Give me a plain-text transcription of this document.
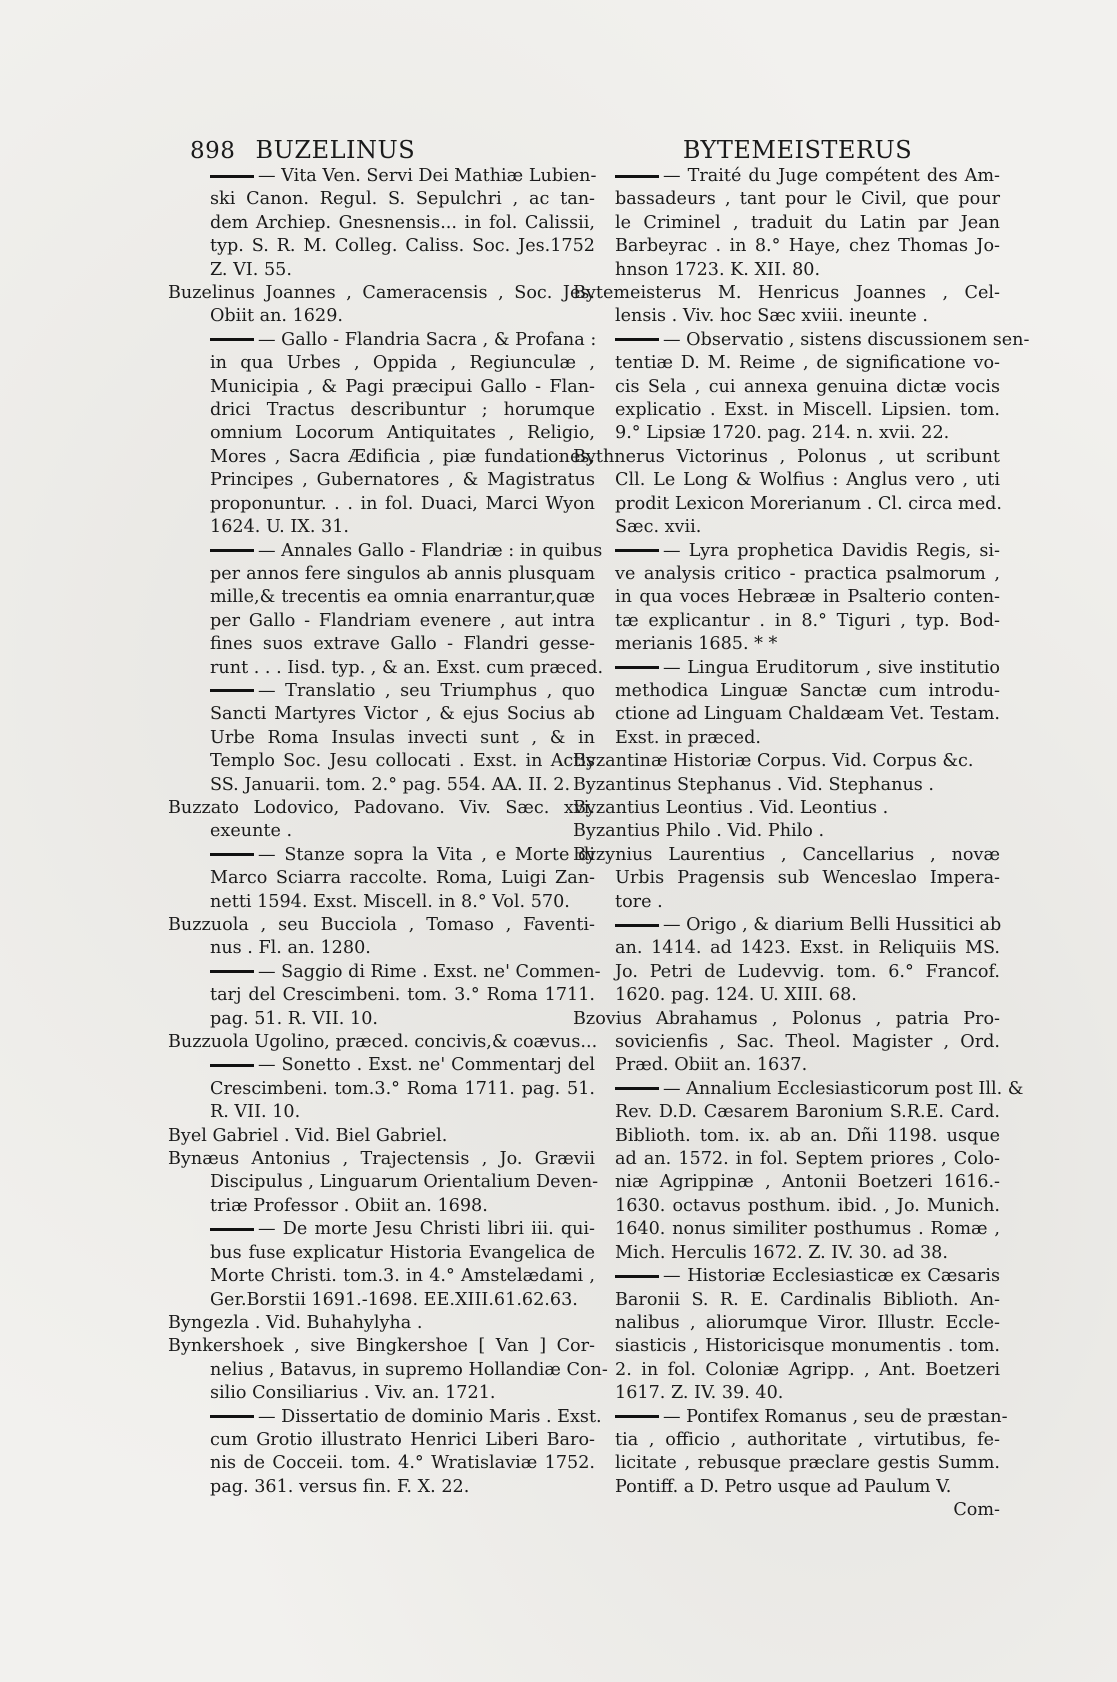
898 BUZELINUS
— Vita Ven. Servi Dei Mathiæ Lubien-
ski Canon. Regul. S. Sepulchri , ac tan-
dem Archiep. Gnesnensis... in fol. Calissii,
typ. S. R. M. Colleg. Caliss. Soc. Jes.1752
Z. VI. 55.
Buzelinus Joannes , Cameracensis , Soc. Jes.
Obiit an. 1629.
— Gallo - Flandria Sacra , & Profana :
in qua Urbes , Oppida , Regiunculæ ,
Municipia , & Pagi præcipui Gallo - Flan-
drici Tractus describuntur ; horumque
omnium Locorum Antiquitates , Religio,
Mores , Sacra Ædificia , piæ fundationes,
Principes , Gubernatores , & Magistratus
proponuntur. . . in fol. Duaci, Marci Wyon
1624. U. IX. 31.
— Annales Gallo - Flandriæ : in quibus
per annos fere singulos ab annis plusquam
mille,& trecentis ea omnia enarrantur,quæ
per Gallo - Flandriam evenere , aut intra
fines suos extrave Gallo - Flandri gesse-
runt . . . Iisd. typ. , & an. Exst. cum præced.
— Translatio , seu Triumphus , quo
Sancti Martyres Victor , & ejus Socius ab
Urbe Roma Insulas invecti sunt , & in
Templo Soc. Jesu collocati . Exst. in Actis
SS. Januarii. tom. 2.° pag. 554. AA. II. 2.
Buzzato Lodovico, Padovano. Viv. Sæc. xvi.
exeunte .
— Stanze sopra la Vita , e Morte di
Marco Sciarra raccolte. Roma, Luigi Zan-
netti 1594. Exst. Miscell. in 8.° Vol. 570.
Buzzuola , seu Bucciola , Tomaso , Faventi-
nus . Fl. an. 1280.
— Saggio di Rime . Exst. ne' Commen-
tarj del Crescimbeni. tom. 3.° Roma 1711.
pag. 51. R. VII. 10.
Buzzuola Ugolino, præced. concivis,& coævus...
— Sonetto . Exst. ne' Commentarj del
Crescimbeni. tom.3.° Roma 1711. pag. 51.
R. VII. 10.
Byel Gabriel . Vid. Biel Gabriel.
Bynæus Antonius , Trajectensis , Jo. Grævii
Discipulus , Linguarum Orientalium Deven-
triæ Professor . Obiit an. 1698.
— De morte Jesu Christi libri iii. qui-
bus fuse explicatur Historia Evangelica de
Morte Christi. tom.3. in 4.° Amstelædami ,
Ger.Borstii 1691.-1698. EE.XIII.61.62.63.
Byngezla . Vid. Buhahylyha .
Bynkershoek , sive Bingkershoe [ Van ] Cor-
nelius , Batavus, in supremo Hollandiæ Con-
silio Consiliarius . Viv. an. 1721.
— Dissertatio de dominio Maris . Exst.
cum Grotio illustrato Henrici Liberi Baro-
nis de Cocceii. tom. 4.° Wratislaviæ 1752.
pag. 361. versus fin. F. X. 22.
BYTEMEISTERUS
— Traité du Juge compétent des Am-
bassadeurs , tant pour le Civil, que pour
le Criminel , traduit du Latin par Jean
Barbeyrac . in 8.° Haye, chez Thomas Jo-
hnson 1723. K. XII. 80.
Bytemeisterus M. Henricus Joannes , Cel-
lensis . Viv. hoc Sæc xviii. ineunte .
— Observatio , sistens discussionem sen-
tentiæ D. M. Reime , de significatione vo-
cis Sela , cui annexa genuina dictæ vocis
explicatio . Exst. in Miscell. Lipsien. tom.
9.° Lipsiæ 1720. pag. 214. n. xvii. 22.
Bythnerus Victorinus , Polonus , ut scribunt
Cll. Le Long & Wolfius : Anglus vero , uti
prodit Lexicon Morerianum . Cl. circa med.
Sæc. xvii.
— Lyra prophetica Davidis Regis, si-
ve analysis critico - practica psalmorum ,
in qua voces Hebrææ in Psalterio conten-
tæ explicantur . in 8.° Tiguri , typ. Bod-
merianis 1685. * *
— Lingua Eruditorum , sive institutio
methodica Linguæ Sanctæ cum introdu-
ctione ad Linguam Chaldæam Vet. Testam.
Exst. in præced.
Byzantinæ Historiæ Corpus. Vid. Corpus &c.
Byzantinus Stephanus . Vid. Stephanus .
Byzantius Leontius . Vid. Leontius .
Byzantius Philo . Vid. Philo .
Byzynius Laurentius , Cancellarius , novæ
Urbis Pragensis sub Wenceslao Impera-
tore .
— Origo , & diarium Belli Hussitici ab
an. 1414. ad 1423. Exst. in Reliquiis MS.
Jo. Petri de Ludevvig. tom. 6.° Francof.
1620. pag. 124. U. XIII. 68.
Bzovius Abrahamus , Polonus , patria Pro-
sovicienfis , Sac. Theol. Magister , Ord.
Præd. Obiit an. 1637.
— Annalium Ecclesiasticorum post Ill. &
Rev. D.D. Cæsarem Baronium S.R.E. Card.
Biblioth. tom. ix. ab an. Dñi 1198. usque
ad an. 1572. in fol. Septem priores , Colo-
niæ Agrippinæ , Antonii Boetzeri 1616.-
1630. octavus posthum. ibid. , Jo. Munich.
1640. nonus similiter posthumus . Romæ ,
Mich. Herculis 1672. Z. IV. 30. ad 38.
— Historiæ Ecclesiasticæ ex Cæsaris
Baronii S. R. E. Cardinalis Biblioth. An-
nalibus , aliorumque Viror. Illustr. Eccle-
siasticis , Historicisque monumentis . tom.
2. in fol. Coloniæ Agripp. , Ant. Boetzeri
1617. Z. IV. 39. 40.
— Pontifex Romanus , seu de præstan-
tia , officio , authoritate , virtutibus, fe-
licitate , rebusque præclare gestis Summ.
Pontiff. a D. Petro usque ad Paulum V.
Com-
